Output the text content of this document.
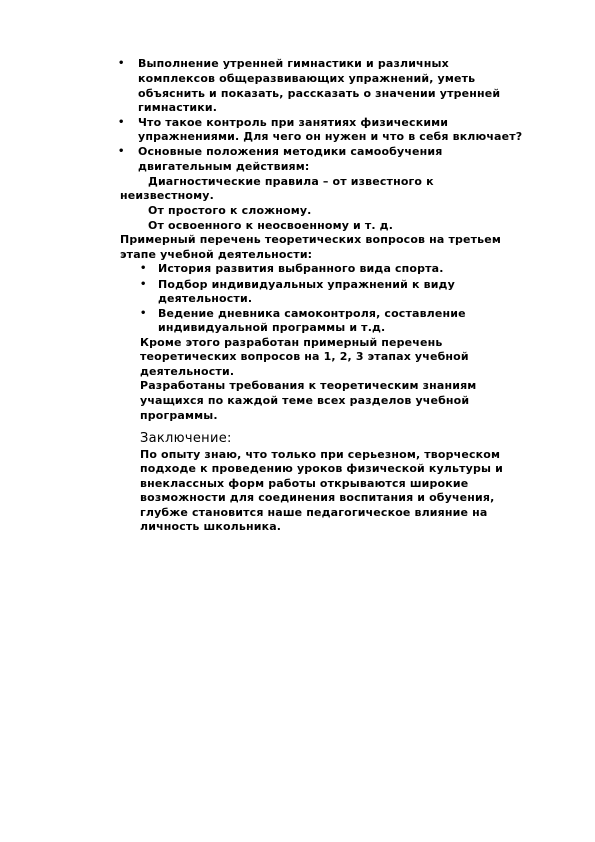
• Выполнение утренней гимнастики и различных
комплексов общеразвивающих упражнений, уметь
объяснить и показать, рассказать о значении утренней
гимнастики.
• Что такое контроль при занятиях физическими
упражнениями. Для чего он нужен и что в себя включает?
• Основные положения методики самообучения
двигательным действиям:
Диагностические правила – от известного к
неизвестному.
От простого к сложному.
От освоенного к неосвоенному и т. д.
Примерный перечень теоретических вопросов на третьем
этапе учебной деятельности:
• История развития выбранного вида спорта.
• Подбор индивидуальных упражнений к виду
деятельности.
• Ведение дневника самоконтроля, составление
индивидуальной программы и т.д.
Кроме этого разработан примерный перечень
теоретических вопросов на 1, 2, 3 этапах учебной
деятельности.
Разработаны требования к теоретическим знаниям
учащихся по каждой теме всех разделов учебной
программы.
Заключение:
По опыту знаю, что только при серьезном, творческом
подходе к проведению уроков физической культуры и
внеклассных форм работы открываются широкие
возможности для соединения воспитания и обучения,
глубже становится наше педагогическое влияние на
личность школьника.
